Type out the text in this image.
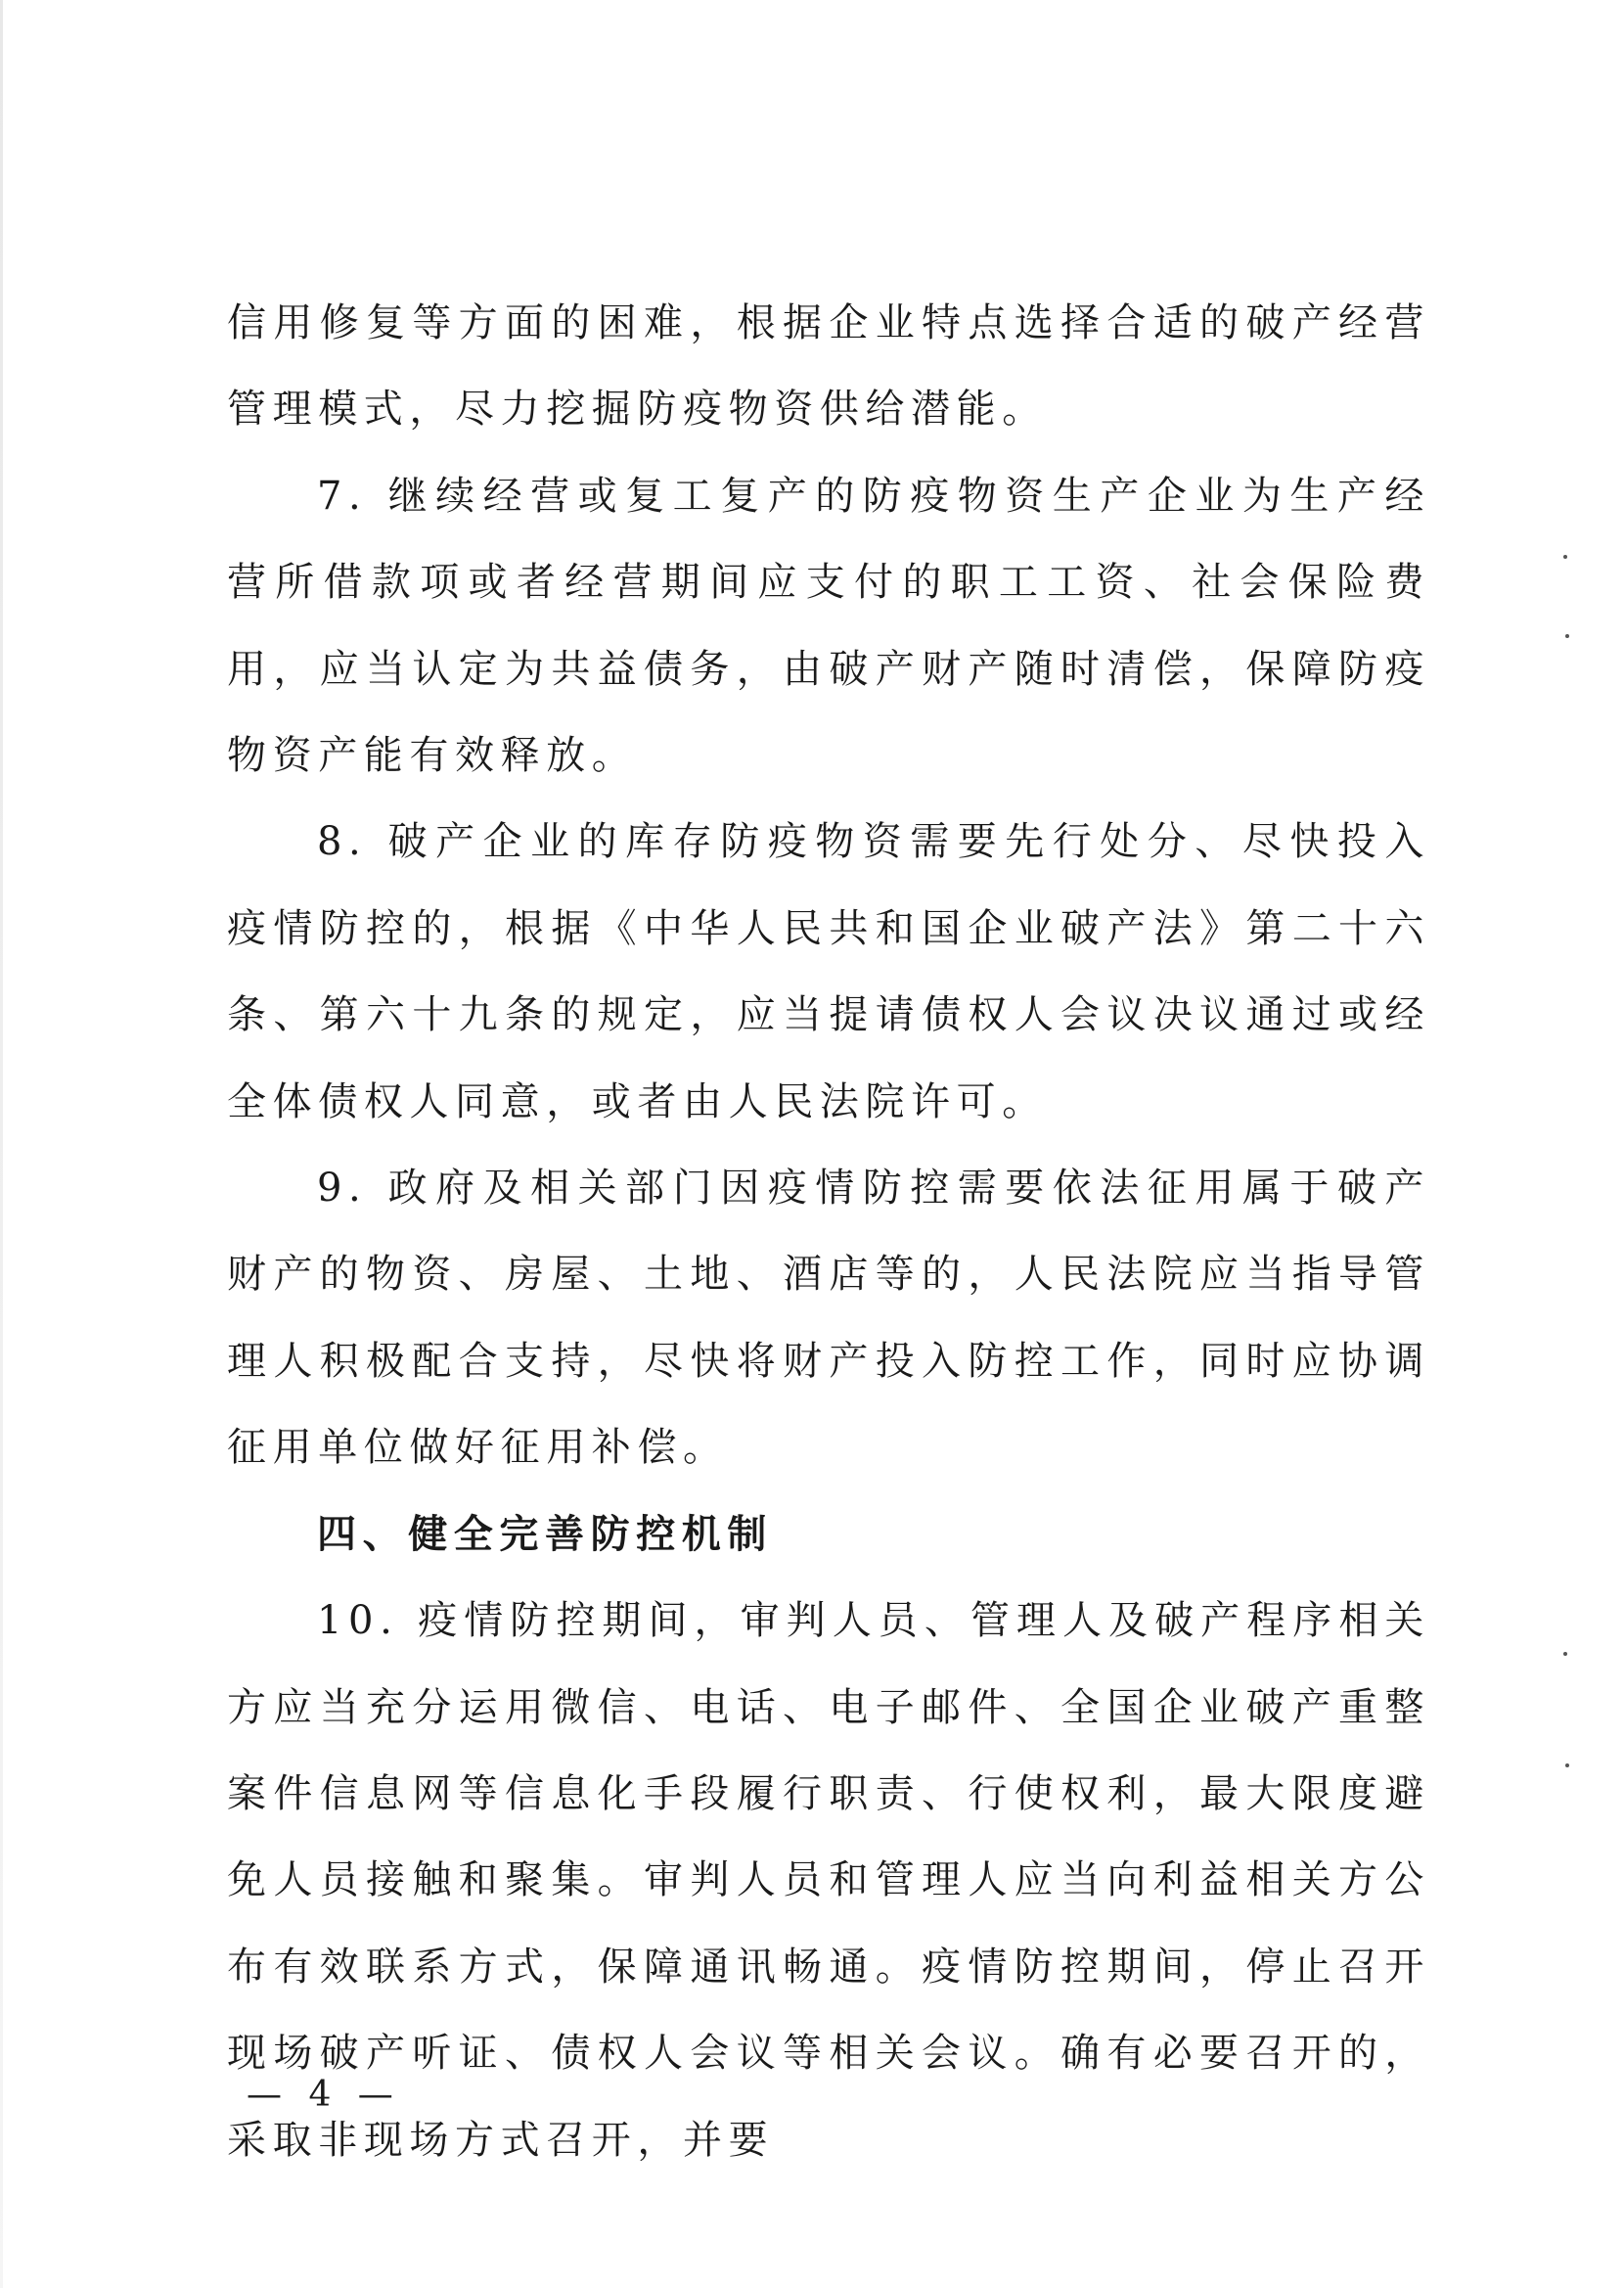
信用修复等方面的困难，根据企业特点选择合适的破产经营管理模式，尽力挖掘防疫物资供给潜能。

7. 继续经营或复工复产的防疫物资生产企业为生产经营所借款项或者经营期间应支付的职工工资、社会保险费用，应当认定为共益债务，由破产财产随时清偿，保障防疫物资产能有效释放。

8. 破产企业的库存防疫物资需要先行处分、尽快投入疫情防控的，根据《中华人民共和国企业破产法》第二十六条、第六十九条的规定，应当提请债权人会议决议通过或经全体债权人同意，或者由人民法院许可。

9. 政府及相关部门因疫情防控需要依法征用属于破产财产的物资、房屋、土地、酒店等的，人民法院应当指导管理人积极配合支持，尽快将财产投入防控工作，同时应协调征用单位做好征用补偿。

四、健全完善防控机制

10. 疫情防控期间，审判人员、管理人及破产程序相关方应当充分运用微信、电话、电子邮件、全国企业破产重整案件信息网等信息化手段履行职责、行使权利，最大限度避免人员接触和聚集。审判人员和管理人应当向利益相关方公布有效联系方式，保障通讯畅通。疫情防控期间，停止召开现场破产听证、债权人会议等相关会议。确有必要召开的，采取非现场方式召开，并要

— 4 —
